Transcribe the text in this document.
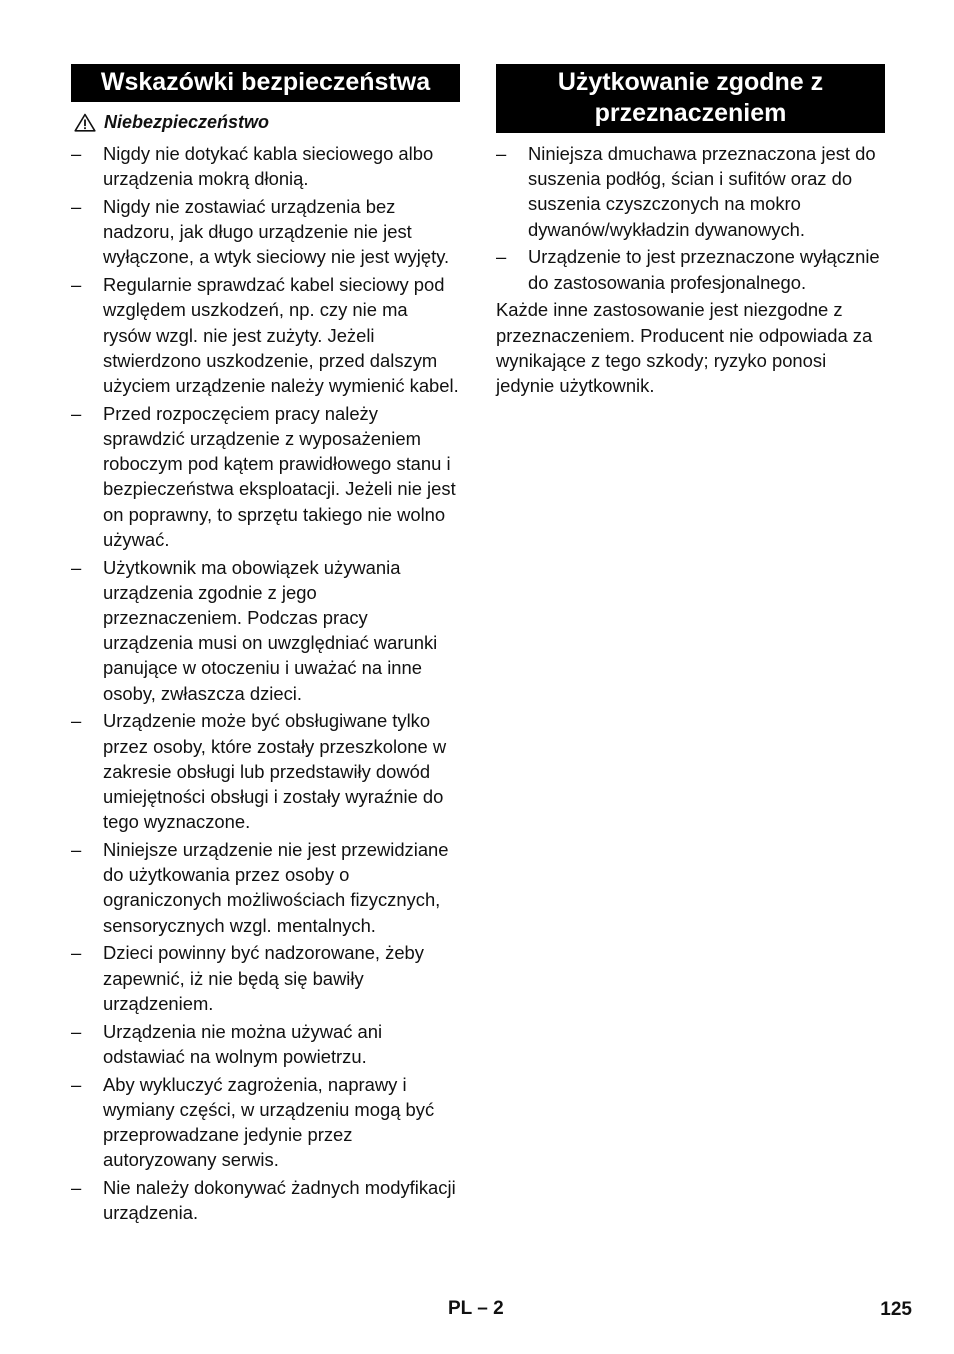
Wskazówki bezpieczeństwa
Niebezpieczeństwo
– Nigdy nie dotykać kabla sieciowego albo urządzenia mokrą dłonią.
– Nigdy nie zostawiać urządzenia bez nadzoru, jak długo urządzenie nie jest wyłączone, a wtyk sieciowy nie jest wyjęty.
– Regularnie sprawdzać kabel sieciowy pod względem uszkodzeń, np. czy nie ma rysów wzgl. nie jest zużyty. Jeżeli stwierdzono uszkodzenie, przed dalszym użyciem urządzenie należy wymienić kabel.
– Przed rozpoczęciem pracy należy sprawdzić urządzenie z wyposażeniem roboczym pod kątem prawidłowego stanu i bezpieczeństwa eksploatacji. Jeżeli nie jest on poprawny, to sprzętu takiego nie wolno używać.
– Użytkownik ma obowiązek używania urządzenia zgodnie z jego przeznaczeniem. Podczas pracy urządzenia musi on uwzględniać warunki panujące w otoczeniu i uważać na inne osoby, zwłaszcza dzieci.
– Urządzenie może być obsługiwane tylko przez osoby, które zostały przeszkolone w zakresie obsługi lub przedstawiły dowód umiejętności obsługi i zostały wyraźnie do tego wyznaczone.
– Niniejsze urządzenie nie jest przewidziane do użytkowania przez osoby o ograniczonych możliwościach fizycznych, sensorycznych wzgl. mentalnych.
– Dzieci powinny być nadzorowane, żeby zapewnić, iż nie będą się bawiły urządzeniem.
– Urządzenia nie można używać ani odstawiać na wolnym powietrzu.
– Aby wykluczyć zagrożenia, naprawy i wymiany części, w urządzeniu mogą być przeprowadzane jedynie przez autoryzowany serwis.
– Nie należy dokonywać żadnych modyfikacji urządzenia.
Użytkowanie zgodne z przeznaczeniem
– Niniejsza dmuchawa przeznaczona jest do suszenia podłóg, ścian i sufitów oraz do suszenia czyszczonych na mokro dywanów/wykładzin dywanowych.
– Urządzenie to jest przeznaczone wyłącznie do zastosowania profesjonalnego.

Każde inne zastosowanie jest niezgodne z przeznaczeniem. Producent nie odpowiada za wynikające z tego szkody; ryzyko ponosi jedynie użytkownik.

PL – 2	125
